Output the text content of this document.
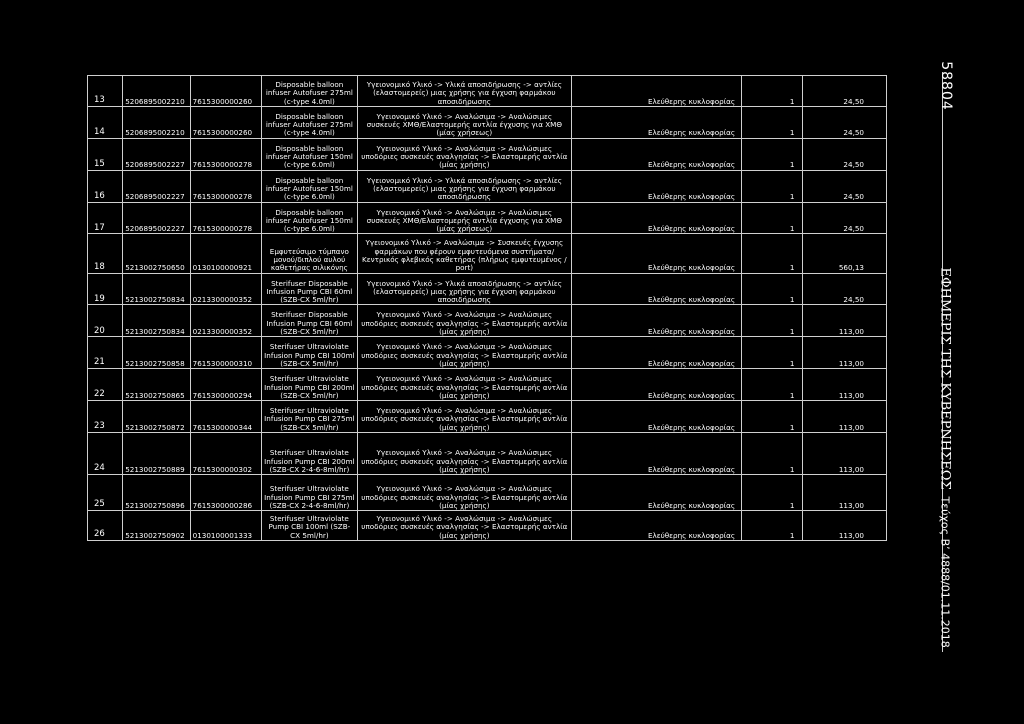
13	5206895002210	7615300000260	Disposable balloon infuser Autofuser 275ml (c-type 4.0ml)	Υγειονομικό Υλικό -> Υλικά αποσιδήρωσης -> αντλίες (ελαστομερείς) μιας χρήσης για έγχυση φαρμάκου αποσιδήρωσης	Ελεύθερης κυκλοφορίας	1	24,50
14	5206895002210	7615300000260	Disposable balloon infuser Autofuser 275ml (c-type 4.0ml)	Υγειονομικό Υλικό -> Αναλώσιμα -> Αναλώσιμες συσκευές ΧΜΘ/Ελαστομερής αντλία έγχυσης για ΧΜΘ (μίας χρήσεως)	Ελεύθερης κυκλοφορίας	1	24,50
15	5206895002227	7615300000278	Disposable balloon infuser Autofuser 150ml (c-type 6.0ml)	Υγειονομικό Υλικό -> Αναλώσιμα -> Αναλώσιμες υποδόριες συσκευές αναλγησίας -> Ελαστομερής αντλία (μίας χρήσης)	Ελεύθερης κυκλοφορίας	1	24,50
16	5206895002227	7615300000278	Disposable balloon infuser Autofuser 150ml (c-type 6.0ml)	Υγειονομικό Υλικό -> Υλικά αποσιδήρωσης -> αντλίες (ελαστομερείς) μιας χρήσης για έγχυση φαρμάκου αποσιδήρωσης	Ελεύθερης κυκλοφορίας	1	24,50
17	5206895002227	7615300000278	Disposable balloon infuser Autofuser 150ml (c-type 6.0ml)	Υγειονομικό Υλικό -> Αναλώσιμα -> Αναλώσιμες συσκευές ΧΜΘ/Ελαστομερής αντλία έγχυσης για ΧΜΘ (μίας χρήσεως)	Ελεύθερης κυκλοφορίας	1	24,50
18	5213002750650	0130100000921	Εμφυτεύσιμο τύμπανο μονού/διπλού αυλού καθετήρας σιλικόνης	Υγειονομικό Υλικό -> Αναλώσιμα -> Συσκευές έγχυσης φαρμάκων που φέρουν εμφυτευόμενα συστήματα/Κεντρικός φλεβικός καθετήρας (πλήρως εμφυτευμένος / port)	Ελεύθερης κυκλοφορίας	1	560,13
19	5213002750834	0213300000352	Sterifuser Disposable Infusion Pump CBI 60ml (SZB-CX 5ml/hr)	Υγειονομικό Υλικό -> Υλικά αποσιδήρωσης -> αντλίες (ελαστομερείς) μιας χρήσης για έγχυση φαρμάκου αποσιδήρωσης	Ελεύθερης κυκλοφορίας	1	24,50
20	5213002750834	0213300000352	Sterifuser Disposable Infusion Pump CBI 60ml (SZB-CX 5ml/hr)	Υγειονομικό Υλικό -> Αναλώσιμα -> Αναλώσιμες υποδόριες συσκευές αναλγησίας -> Ελαστομερής αντλία (μίας χρήσης)	Ελεύθερης κυκλοφορίας	1	113,00
21	5213002750858	7615300000310	Sterifuser Ultraviolate Infusion Pump CBI 100ml (SZB-CX 5ml/hr)	Υγειονομικό Υλικό -> Αναλώσιμα -> Αναλώσιμες υποδόριες συσκευές αναλγησίας -> Ελαστομερής αντλία (μίας χρήσης)	Ελεύθερης κυκλοφορίας	1	113,00
22	5213002750865	7615300000294	Sterifuser Ultraviolate Infusion Pump CBI 200ml (SZB-CX 5ml/hr)	Υγειονομικό Υλικό -> Αναλώσιμα -> Αναλώσιμες υποδόριες συσκευές αναλγησίας -> Ελαστομερής αντλία (μίας χρήσης)	Ελεύθερης κυκλοφορίας	1	113,00
23	5213002750872	7615300000344	Sterifuser Ultraviolate Infusion Pump CBI 275ml (SZB-CX 5ml/hr)	Υγειονομικό Υλικό -> Αναλώσιμα -> Αναλώσιμες υποδόριες συσκευές αναλγησίας -> Ελαστομερής αντλία (μίας χρήσης)	Ελεύθερης κυκλοφορίας	1	113,00
24	5213002750889	7615300000302	Sterifuser Ultraviolate Infusion Pump CBI 200ml (SZB-CX 2-4-6-8ml/hr)	Υγειονομικό Υλικό -> Αναλώσιμα -> Αναλώσιμες υποδόριες συσκευές αναλγησίας -> Ελαστομερής αντλία (μίας χρήσης)	Ελεύθερης κυκλοφορίας	1	113,00
25	5213002750896	7615300000286	Sterifuser Ultraviolate Infusion Pump CBI 275ml (SZB-CX 2-4-6-8ml/hr)	Υγειονομικό Υλικό -> Αναλώσιμα -> Αναλώσιμες υποδόριες συσκευές αναλγησίας -> Ελαστομερής αντλία (μίας χρήσης)	Ελεύθερης κυκλοφορίας	1	113,00
26	5213002750902	0130100001333	Sterifuser Ultraviolate Pump CBI 100ml (SZB-CX 5ml/hr)	Υγειονομικό Υλικό -> Αναλώσιμα -> Αναλώσιμες υποδόριες συσκευές αναλγησίας -> Ελαστομερής αντλία (μίας χρήσης)	Ελεύθερης κυκλοφορίας	1	113,00
58804
ΕΦΗΜΕΡΙΣ ΤΗΣ ΚΥΒΕΡΝΗΣΕΩΣ
Τεύχος Β’ 4888/01.11.2018
